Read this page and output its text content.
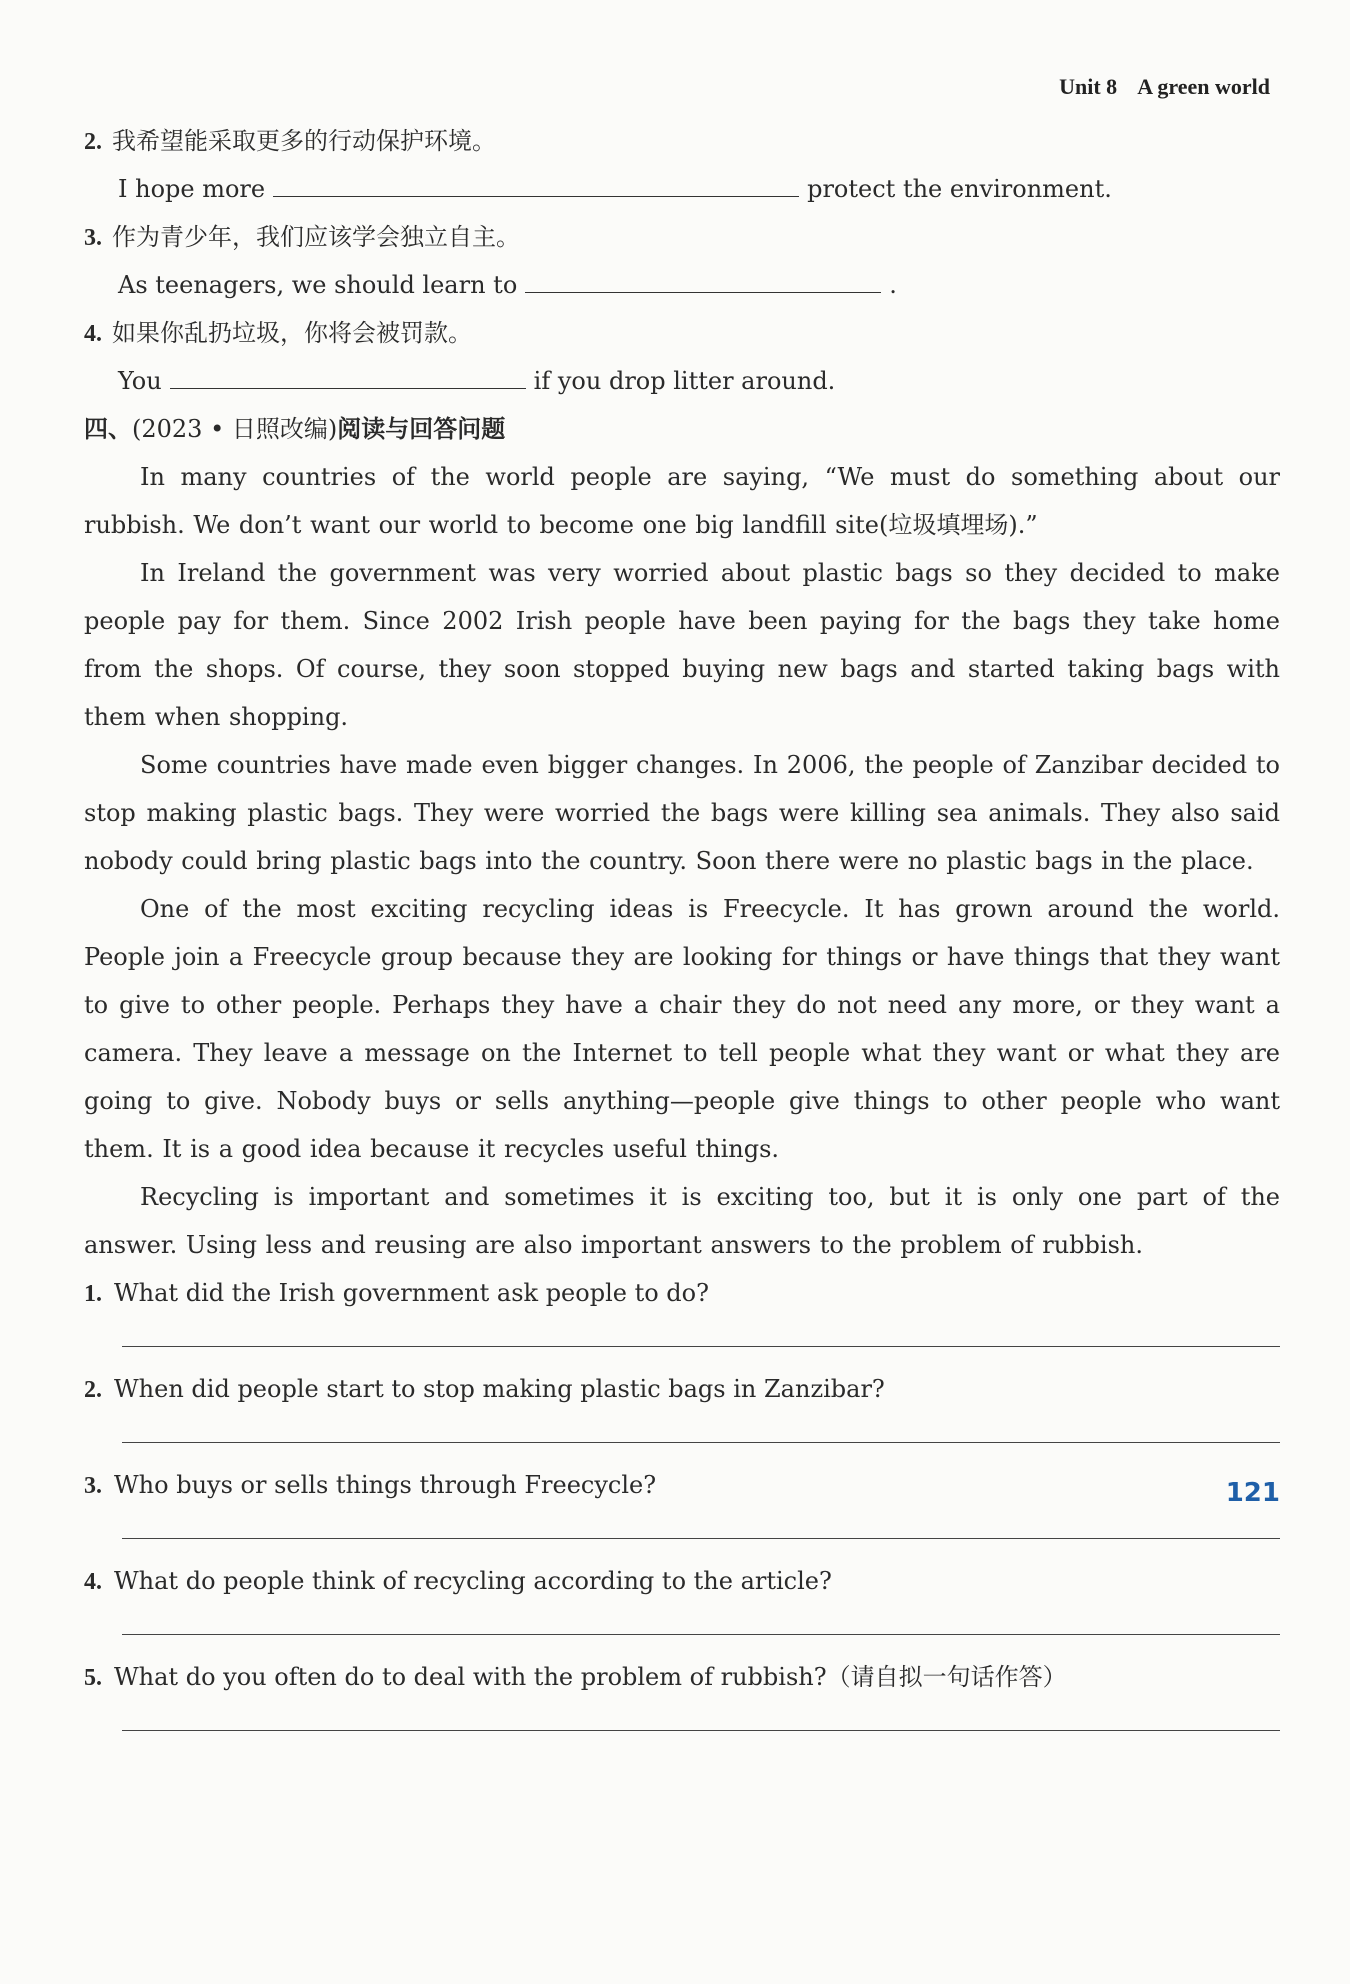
Unit 8 A green world
2. 我希望能采取更多的行动保护环境。
I hope more	protect the environment.
3. 作为青少年，我们应该学会独立自主。
As teenagers, we should learn to	.
4. 如果你乱扔垃圾，你将会被罚款。
You	if you drop litter around.
四、(2023 • 日照改编)阅读与回答问题

In many countries of the world people are saying, “We must do something about our rubbish. We don’t want our world to become one big landfill site(垃圾填埋场).”

In Ireland the government was very worried about plastic bags so they decided to make people pay for them. Since 2002 Irish people have been paying for the bags they take home from the shops. Of course, they soon stopped buying new bags and started taking bags with them when shopping.

Some countries have made even bigger changes. In 2006, the people of Zanzibar decided to stop making plastic bags. They were worried the bags were killing sea animals. They also said nobody could bring plastic bags into the country. Soon there were no plastic bags in the place.

One of the most exciting recycling ideas is Freecycle. It has grown around the world. People join a Freecycle group because they are looking for things or have things that they want to give to other people. Perhaps they have a chair they do not need any more, or they want a camera. They leave a message on the Internet to tell people what they want or what they are going to give. Nobody buys or sells anything—people give things to other people who want them. It is a good idea because it recycles useful things.

Recycling is important and sometimes it is exciting too, but it is only one part of the answer. Using less and reusing are also important answers to the problem of rubbish.

1. What did the Irish government ask people to do?
2. When did people start to stop making plastic bags in Zanzibar?
3. Who buys or sells things through Freecycle?
4. What do people think of recycling according to the article?
5. What do you often do to deal with the problem of rubbish?（请自拟一句话作答）
121
